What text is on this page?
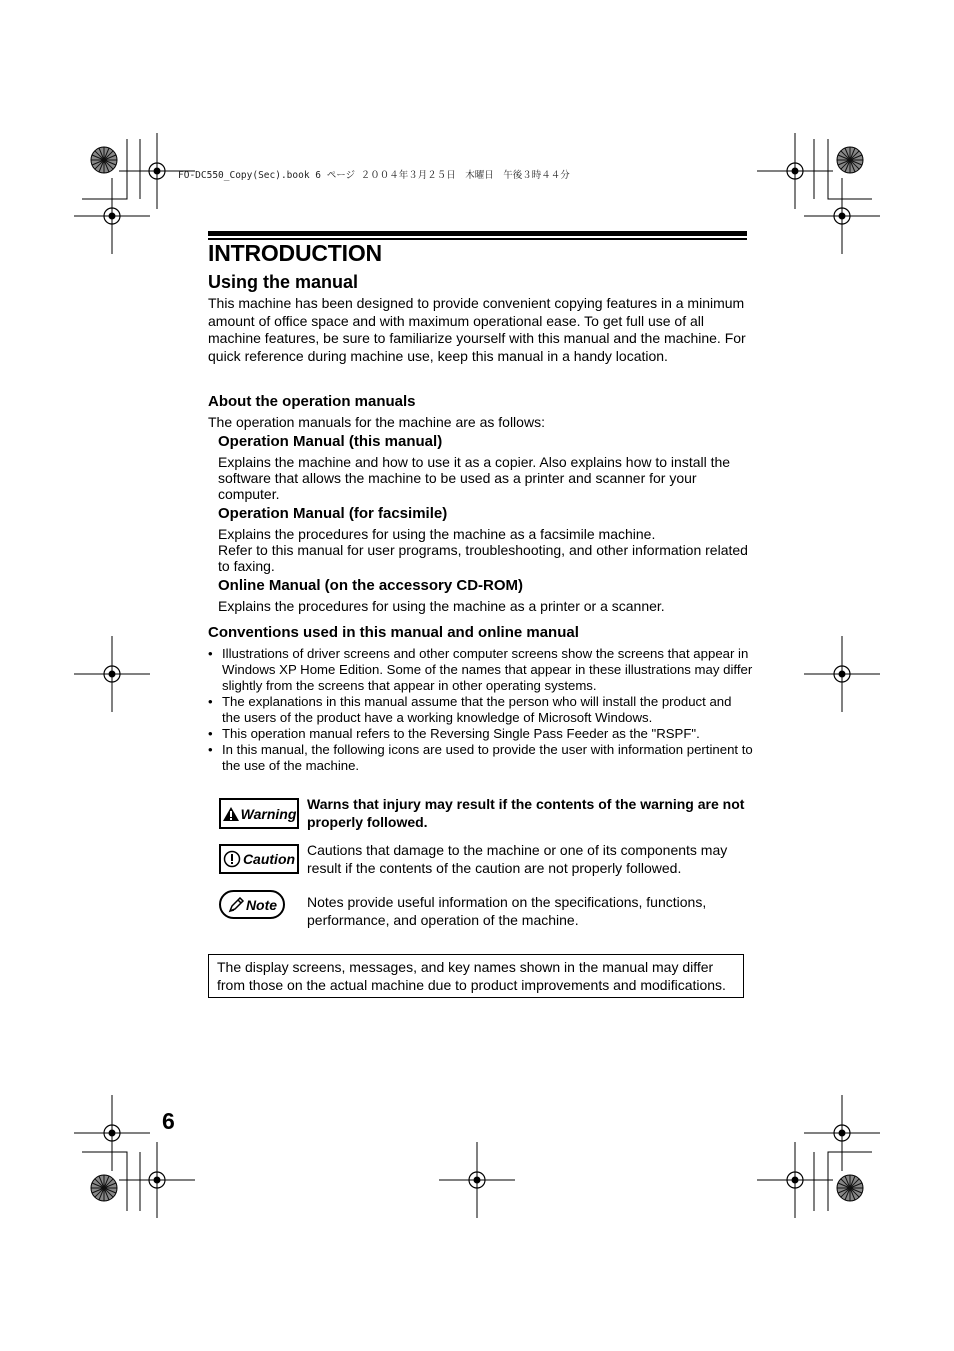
FO-DC550_Copy(Sec).book 6 ページ ２００４年３月２５日　木曜日　午後３時４４分
INTRODUCTION
Using the manual
This machine has been designed to provide convenient copying features in a minimum amount of office space and with maximum operational ease. To get full use of all machine features, be sure to familiarize yourself with this manual and the machine. For quick reference during machine use, keep this manual in a handy location.
About the operation manuals
The operation manuals for the machine are as follows:
Operation Manual (this manual)
Explains the machine and how to use it as a copier. Also explains how to install the software that allows the machine to be used as a printer and scanner for your computer.
Operation Manual (for facsimile)
Explains the procedures for using the machine as a facsimile machine.
Refer to this manual for user programs, troubleshooting, and other information related to faxing.
Online Manual (on the accessory CD-ROM)
Explains the procedures for using the machine as a printer or a scanner.
Conventions used in this manual and online manual
• Illustrations of driver screens and other computer screens show the screens that appear in Windows XP Home Edition. Some of the names that appear in these illustrations may differ slightly from the screens that appear in other operating systems.
• The explanations in this manual assume that the person who will install the product and the users of the product have a working knowledge of Microsoft Windows.
• This operation manual refers to the Reversing Single Pass Feeder as the "RSPF".
• In this manual, the following icons are used to provide the user with information pertinent to the use of the machine.
Warning
Warns that injury may result if the contents of the warning are not properly followed.
Caution
Cautions that damage to the machine or one of its components may result if the contents of the caution are not properly followed.
Note Notes provide useful information on the specifications, functions, performance, and operation of the machine.
The display screens, messages, and key names shown in the manual may differ from those on the actual machine due to product improvements and modifications.
6
